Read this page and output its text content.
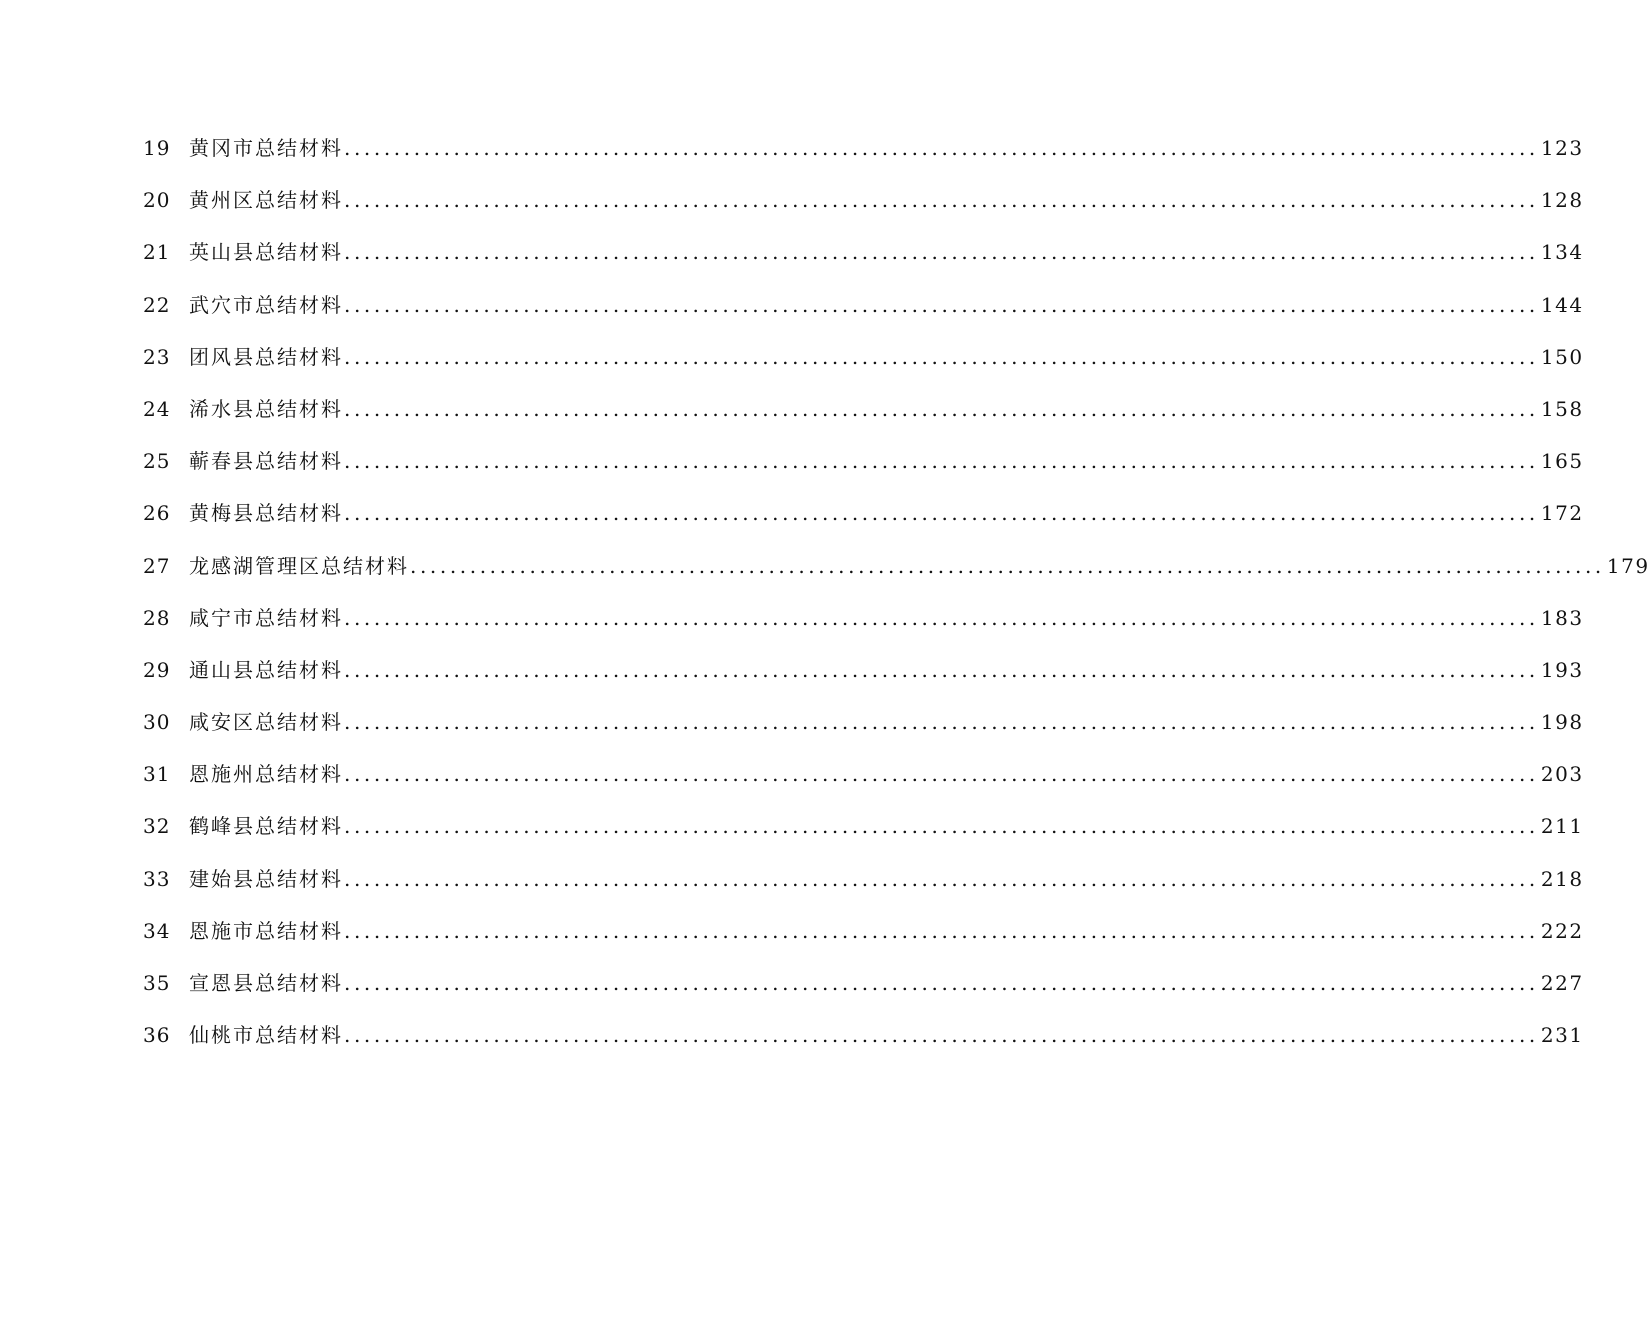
19 黄冈市总结材料 ........................................................................................................................ 123
20 黄州区总结材料 ........................................................................................................................ 128
21 英山县总结材料 ........................................................................................................................ 134
22 武穴市总结材料 ........................................................................................................................ 144
23 团风县总结材料 ........................................................................................................................ 150
24 浠水县总结材料 ........................................................................................................................ 158
25 蕲春县总结材料 ........................................................................................................................ 165
26 黄梅县总结材料 ........................................................................................................................ 172
27 龙感湖管理区总结材料 ........................................................................................................................ 179
28 咸宁市总结材料 ........................................................................................................................ 183
29 通山县总结材料 ........................................................................................................................ 193
30 咸安区总结材料 ........................................................................................................................ 198
31 恩施州总结材料 ........................................................................................................................ 203
32 鹤峰县总结材料 ........................................................................................................................ 211
33 建始县总结材料 ........................................................................................................................ 218
34 恩施市总结材料 ........................................................................................................................ 222
35 宣恩县总结材料 ........................................................................................................................ 227
36 仙桃市总结材料 ........................................................................................................................ 231
